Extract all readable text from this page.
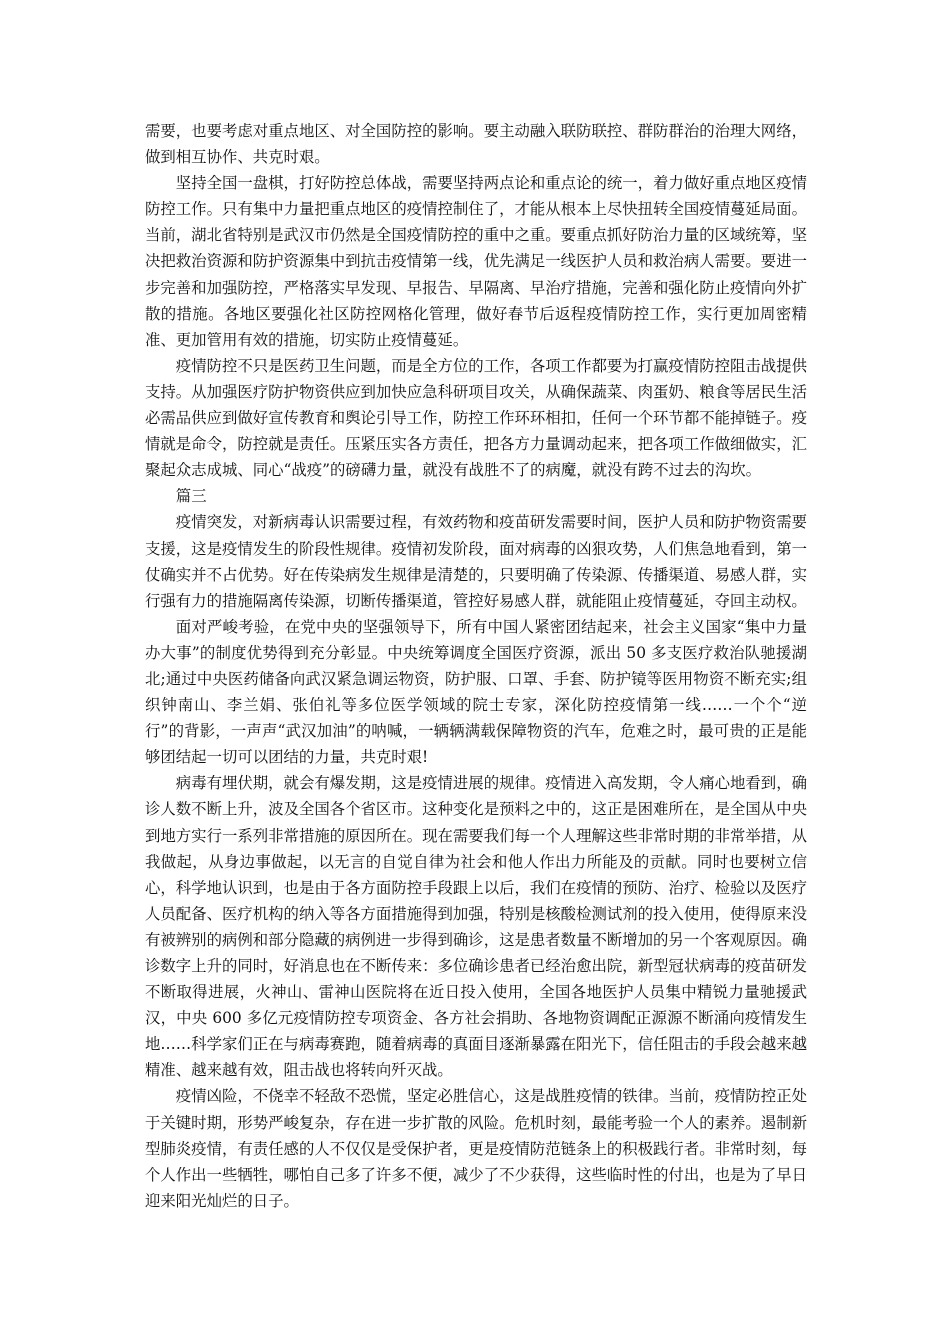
需要，也要考虑对重点地区、对全国防控的影响。要主动融入联防联控、群防群治的治理大网络，做到相互协作、共克时艰。

坚持全国一盘棋，打好防控总体战，需要坚持两点论和重点论的统一，着力做好重点地区疫情防控工作。只有集中力量把重点地区的疫情控制住了，才能从根本上尽快扭转全国疫情蔓延局面。当前，湖北省特别是武汉市仍然是全国疫情防控的重中之重。要重点抓好防治力量的区域统筹，坚决把救治资源和防护资源集中到抗击疫情第一线，优先满足一线医护人员和救治病人需要。要进一步完善和加强防控，严格落实早发现、早报告、早隔离、早治疗措施，完善和强化防止疫情向外扩散的措施。各地区要强化社区防控网格化管理，做好春节后返程疫情防控工作，实行更加周密精准、更加管用有效的措施，切实防止疫情蔓延。

疫情防控不只是医药卫生问题，而是全方位的工作，各项工作都要为打赢疫情防控阻击战提供支持。从加强医疗防护物资供应到加快应急科研项目攻关，从确保蔬菜、肉蛋奶、粮食等居民生活必需品供应到做好宣传教育和舆论引导工作，防控工作环环相扣，任何一个环节都不能掉链子。疫情就是命令，防控就是责任。压紧压实各方责任，把各方力量调动起来，把各项工作做细做实，汇聚起众志成城、同心“战疫”的磅礴力量，就没有战胜不了的病魔，就没有跨不过去的沟坎。

篇三

疫情突发，对新病毒认识需要过程，有效药物和疫苗研发需要时间，医护人员和防护物资需要支援，这是疫情发生的阶段性规律。疫情初发阶段，面对病毒的凶狠攻势，人们焦急地看到，第一仗确实并不占优势。好在传染病发生规律是清楚的，只要明确了传染源、传播渠道、易感人群，实行强有力的措施隔离传染源，切断传播渠道，管控好易感人群，就能阻止疫情蔓延，夺回主动权。

面对严峻考验，在党中央的坚强领导下，所有中国人紧密团结起来，社会主义国家“集中力量办大事”的制度优势得到充分彰显。中央统筹调度全国医疗资源，派出 50 多支医疗救治队驰援湖北;通过中央医药储备向武汉紧急调运物资，防护服、口罩、手套、防护镜等医用物资不断充实;组织钟南山、李兰娟、张伯礼等多位医学领域的院士专家，深化防控疫情第一线……一个个“逆行”的背影，一声声“武汉加油”的呐喊，一辆辆满载保障物资的汽车，危难之时，最可贵的正是能够团结起一切可以团结的力量，共克时艰!

病毒有埋伏期，就会有爆发期，这是疫情进展的规律。疫情进入高发期，令人痛心地看到，确诊人数不断上升，波及全国各个省区市。这种变化是预料之中的，这正是困难所在，是全国从中央到地方实行一系列非常措施的原因所在。现在需要我们每一个人理解这些非常时期的非常举措，从我做起，从身边事做起，以无言的自觉自律为社会和他人作出力所能及的贡献。同时也要树立信心，科学地认识到，也是由于各方面防控手段跟上以后，我们在疫情的预防、治疗、检验以及医疗人员配备、医疗机构的纳入等各方面措施得到加强，特别是核酸检测试剂的投入使用，使得原来没有被辨别的病例和部分隐藏的病例进一步得到确诊，这是患者数量不断增加的另一个客观原因。确诊数字上升的同时，好消息也在不断传来：多位确诊患者已经治愈出院，新型冠状病毒的疫苗研发不断取得进展，火神山、雷神山医院将在近日投入使用，全国各地医护人员集中精锐力量驰援武汉，中央 600 多亿元疫情防控专项资金、各方社会捐助、各地物资调配正源源不断涌向疫情发生地……科学家们正在与病毒赛跑，随着病毒的真面目逐渐暴露在阳光下，信任阻击的手段会越来越精准、越来越有效，阻击战也将转向歼灭战。

疫情凶险，不侥幸不轻敌不恐慌，坚定必胜信心，这是战胜疫情的铁律。当前，疫情防控正处于关键时期，形势严峻复杂，存在进一步扩散的风险。危机时刻，最能考验一个人的素养。遏制新型肺炎疫情，有责任感的人不仅仅是受保护者，更是疫情防范链条上的积极践行者。非常时刻，每个人作出一些牺牲，哪怕自己多了许多不便，减少了不少获得，这些临时性的付出，也是为了早日迎来阳光灿烂的日子。
